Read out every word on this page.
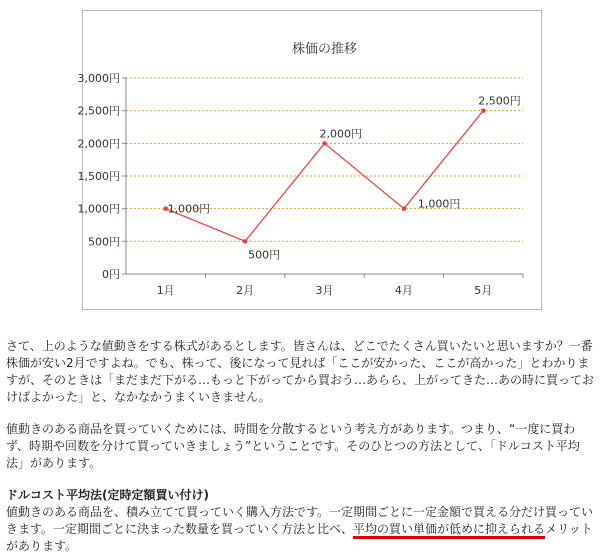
株価の推移
0円
500円
1,000円
1,500円
2,000円
2,500円
3,000円
1月	2月	3月	4月	5月
1,000円
500円
2,000円
1,000円
2,500円

さて、上のような値動きをする株式があるとします。皆さんは、どこでたくさん買いたいと思いますか？一番株価が安い2月ですよね。でも、株って、後になって見れば「ここが安かった、ここが高かった」とわかりますが、そのときは「まだまだ下がる…もっと下がってから買おう…あらら、上がってきた…あの時に買っておけばよかった」と、なかなかうまくいきません。

値動きのある商品を買っていくためには、時間を分散するという考え方があります。つまり、“一度に買わず、時期や回数を分けて買っていきましょう”ということです。そのひとつの方法として、「ドルコスト平均法」があります。

ドルコスト平均法(定時定額買い付け)

値動きのある商品を、積み立てて買っていく購入方法です。一定期間ごとに一定金額で買える分だけ買っていきます。一定期間ごとに決まった数量を買っていく方法と比べ、平均の買い単価が低めに抑えられるメリットがあります。
